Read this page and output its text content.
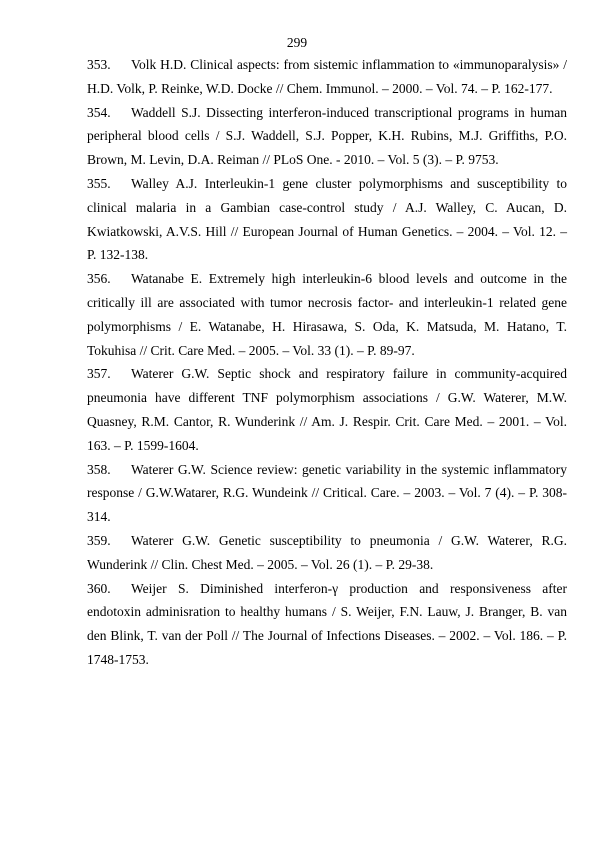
299
353. Volk H.D. Clinical aspects: from sistemic inflammation to «immunoparalysis» / H.D. Volk, P. Reinke, W.D. Docke // Chem. Immunol. – 2000. – Vol. 74. – P. 162-177.
354. Waddell S.J. Dissecting interferon-induced transcriptional programs in human peripheral blood cells / S.J. Waddell, S.J. Popper, K.H. Rubins, M.J. Griffiths, P.O. Brown, M. Levin, D.A. Reiman // PLoS One. - 2010. – Vol. 5 (3). – P. 9753.
355. Walley A.J. Interleukin-1 gene cluster polymorphisms and susceptibility to clinical malaria in a Gambian case-control study / A.J. Walley, C. Aucan, D. Kwiatkowski, A.V.S. Hill // European Journal of Human Genetics. – 2004. – Vol. 12. – P. 132-138.
356. Watanabe E. Extremely high interleukin-6 blood levels and outcome in the critically ill are associated with tumor necrosis factor- and interleukin-1 related gene polymorphisms / E. Watanabe, H. Hirasawa, S. Oda, K. Matsuda, M. Hatano, T. Tokuhisa // Crit. Care Med. – 2005. – Vol. 33 (1). – P. 89-97.
357. Waterer G.W. Septic shock and respiratory failure in community-acquired pneumonia have different TNF polymorphism associations / G.W. Waterer, M.W. Quasney, R.M. Cantor, R. Wunderink // Am. J. Respir. Crit. Care Med. – 2001. – Vol. 163. – P. 1599-1604.
358. Waterer G.W. Science review: genetic variability in the systemic inflammatory response / G.W.Watarer, R.G. Wundeink // Critical. Care. – 2003. – Vol. 7 (4). – P. 308-314.
359. Waterer G.W. Genetic susceptibility to pneumonia / G.W. Waterer, R.G. Wunderink // Clin. Chest Med. – 2005. – Vol. 26 (1). – P. 29-38.
360. Weijer S. Diminished interferon-γ production and responsiveness after endotoxin adminisration to healthy humans / S. Weijer, F.N. Lauw, J. Branger, B. van den Blink, T. van der Poll // The Journal of Infections Diseases. – 2002. – Vol. 186. – P. 1748-1753.
